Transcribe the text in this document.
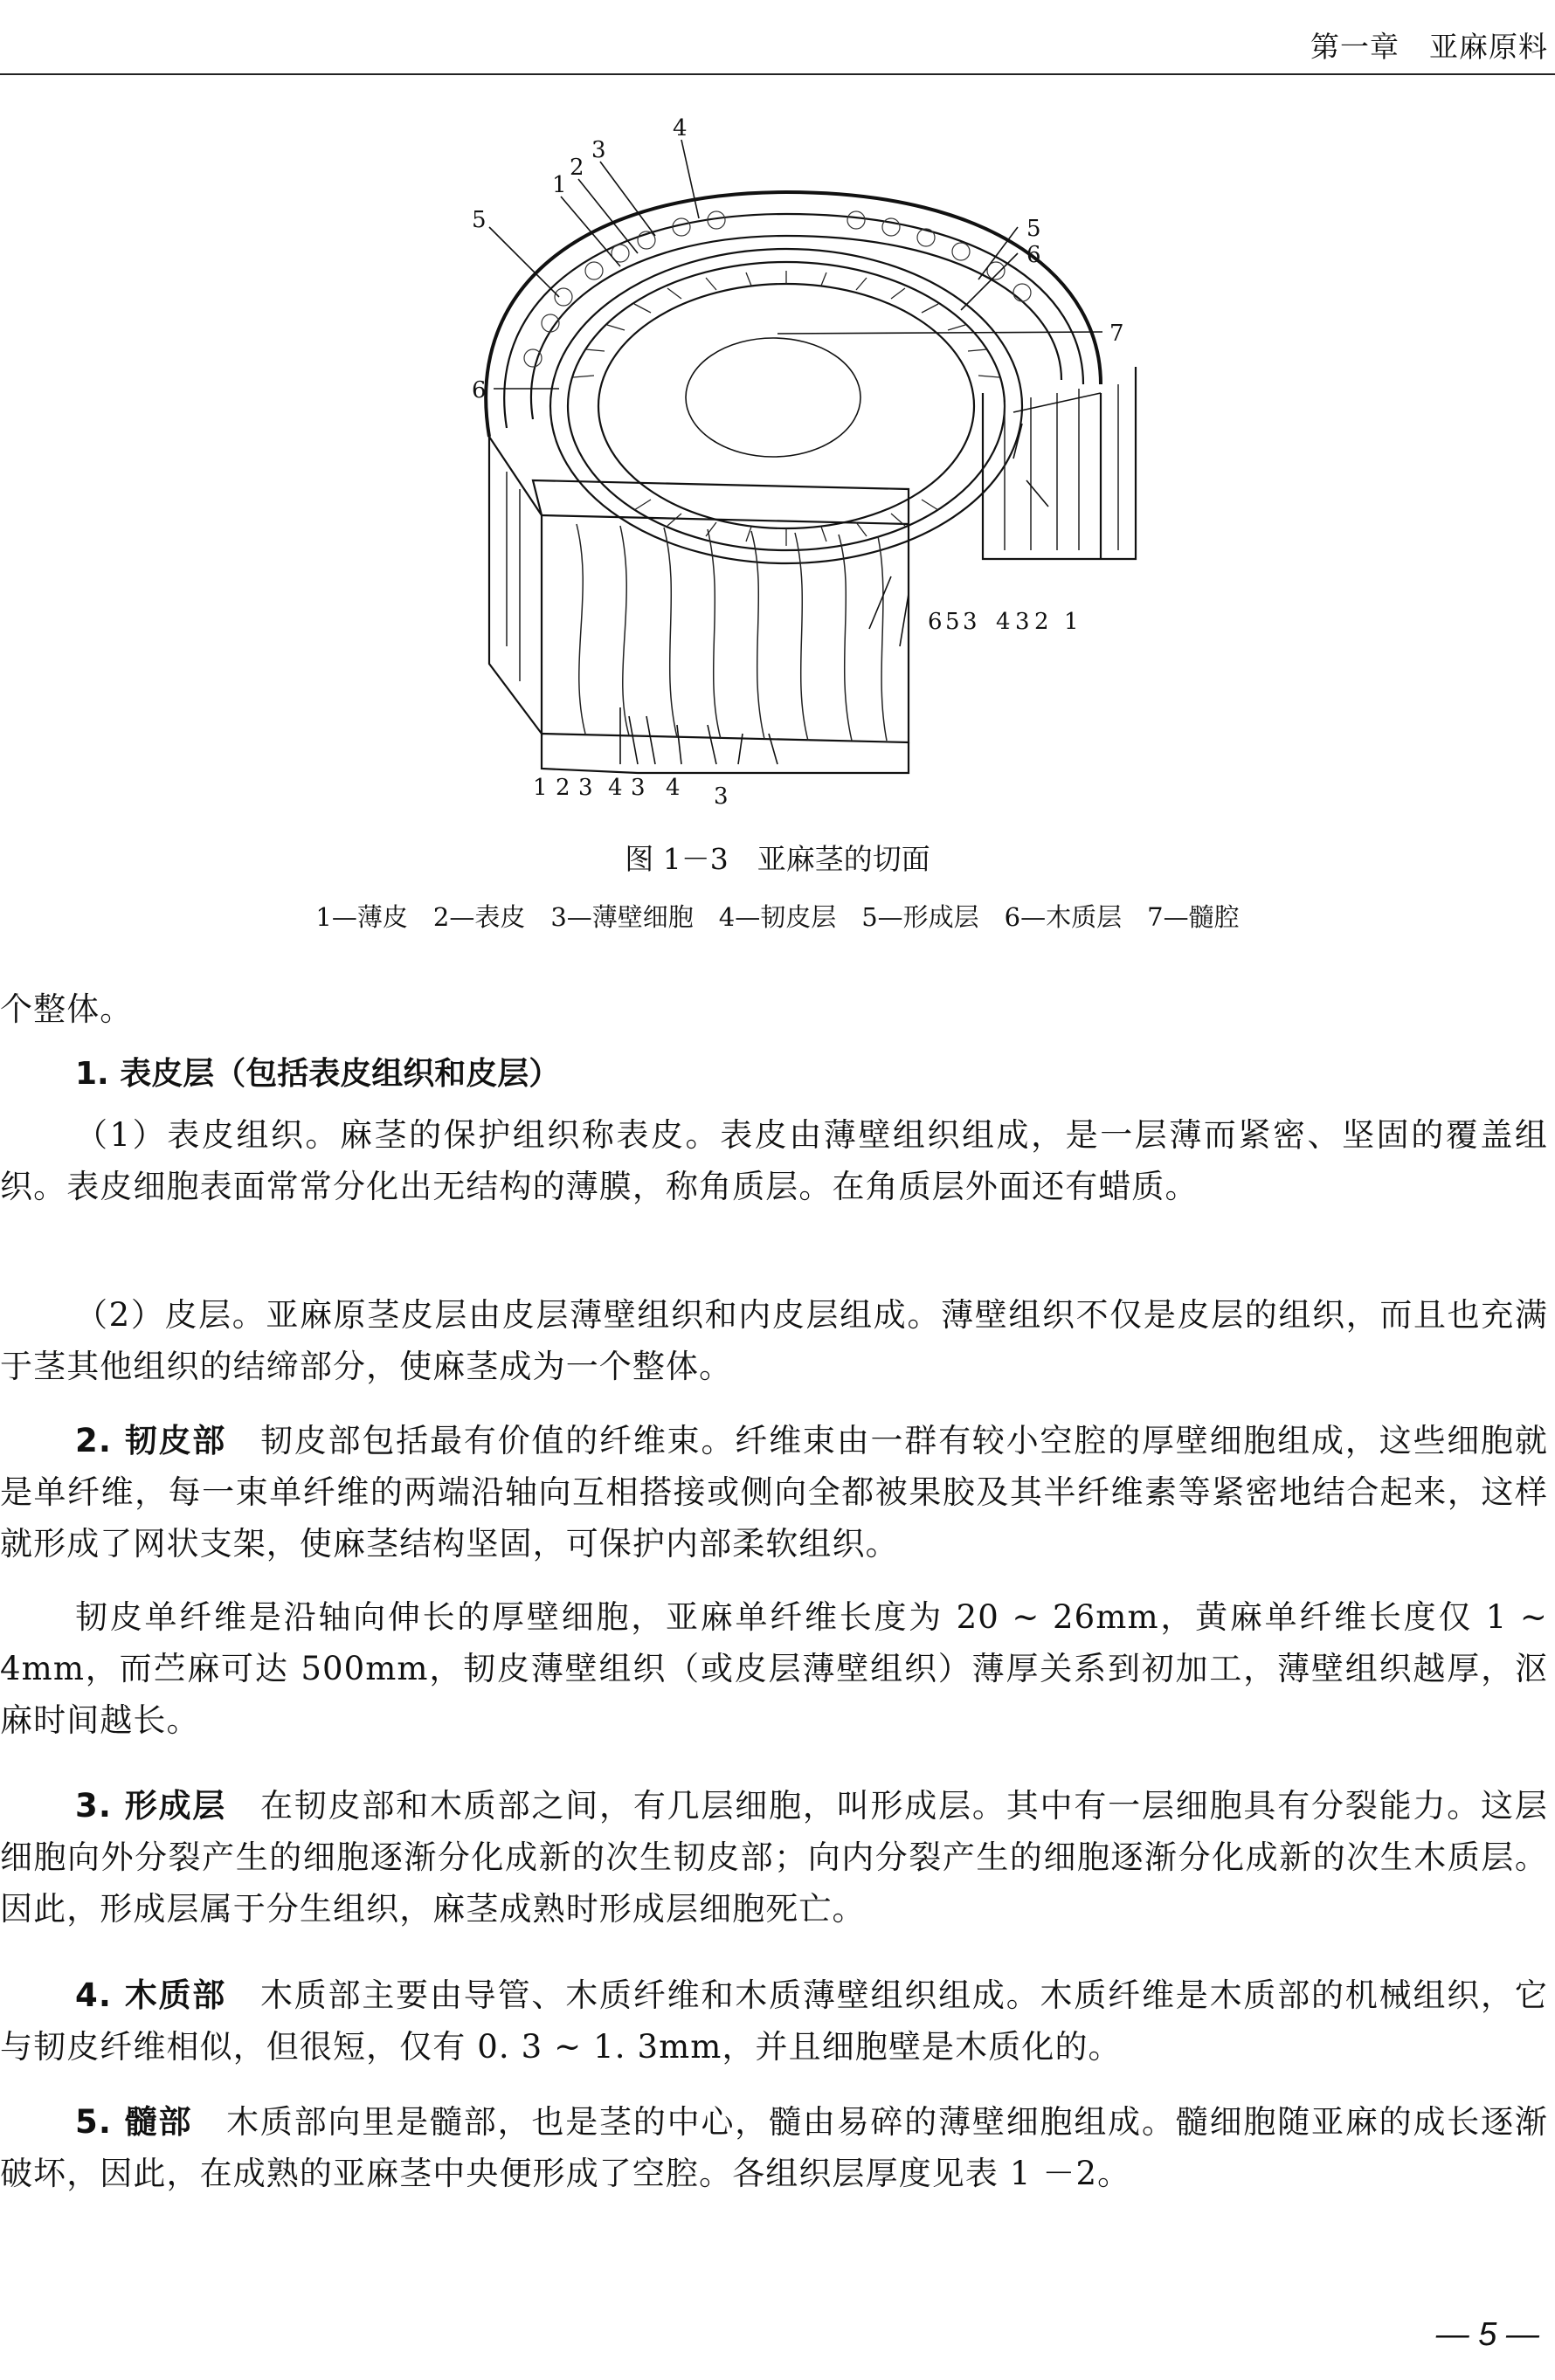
第一章　 亚麻原料
1
2
3
4
5
6
7
5
6
6 5 3 4 3 2 1
1 2 3 4 3 4 3
图 1－3　亚麻茎的切面
1—薄皮　2—表皮　3—薄壁细胞　4—韧皮层　5—形成层　6—木质层　7—髓腔

个整体。

1. 表皮层（包括表皮组织和皮层）

（1）表皮组织。麻茎的保护组织称表皮。表皮由薄壁组织组成，是一层薄而紧密、坚固的覆盖组织。表皮细胞表面常常分化出无结构的薄膜，称角质层。在角质层外面还有蜡质。

（2）皮层。亚麻原茎皮层由皮层薄壁组织和内皮层组成。薄壁组织不仅是皮层的组织，而且也充满于茎其他组织的结缔部分，使麻茎成为一个整体。

2. 韧皮部　 韧皮部包括最有价值的纤维束。纤维束由一群有较小空腔的厚壁细胞组成，这些细胞就是单纤维，每一束单纤维的两端沿轴向互相搭接或侧向全都被果胶及其半纤维素等紧密地结合起来，这样就形成了网状支架，使麻茎结构坚固，可保护内部柔软组织。

韧皮单纤维是沿轴向伸长的厚壁细胞，亚麻单纤维长度为 20 ~ 26mm，黄麻单纤维长度仅 1 ~ 4mm，而苎麻可达 500mm，韧皮薄壁组织（或皮层薄壁组织）薄厚关系到初加工，薄壁组织越厚，沤麻时间越长。

3. 形成层　 在韧皮部和木质部之间，有几层细胞，叫形成层。其中有一层细胞具有分裂能力。这层细胞向外分裂产生的细胞逐渐分化成新的次生韧皮部；向内分裂产生的细胞逐渐分化成新的次生木质层。因此，形成层属于分生组织，麻茎成熟时形成层细胞死亡。

4. 木质部　 木质部主要由导管、木质纤维和木质薄壁组织组成。木质纤维是木质部的机械组织，它与韧皮纤维相似，但很短，仅有 0. 3 ~ 1. 3mm，并且细胞壁是木质化的。

5. 髓部　 木质部向里是髓部，也是茎的中心，髓由易碎的薄壁细胞组成。髓细胞随亚麻的成长逐渐破坏，因此，在成熟的亚麻茎中央便形成了空腔。各组织层厚度见表 1 －2。

— 5 —
